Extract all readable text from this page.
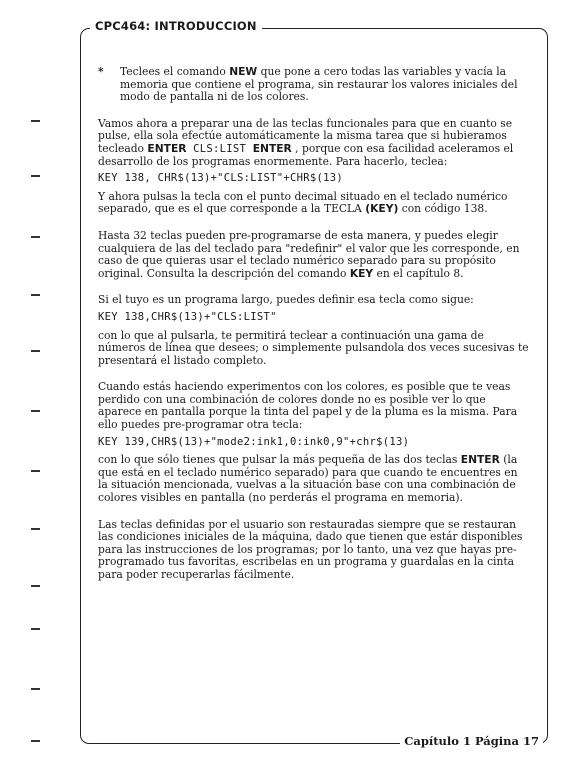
CPC464: INTRODUCCION
Capítulo 1 Página 17

* Teclees el comando NEW que pone a cero todas las variables y vacía la memoria que contiene el programa, sin restaurar los valores iniciales del modo de pantalla ni de los colores.

Vamos ahora a preparar una de las teclas funcionales para que en cuanto se pulse, ella sola efectúe automáticamente la misma tarea que si hubieramos tecleado ENTER CLS:LIST ENTER , porque con esa facilidad aceleramos el desarrollo de los programas enormemente. Para hacerlo, teclea:

KEY 138, CHR$(13)+"CLS:LIST"+CHR$(13)

Y ahora pulsas la tecla con el punto decimal situado en el teclado numérico separado, que es el que corresponde a la TECLA (KEY) con código 138.

Hasta 32 teclas pueden pre-programarse de esta manera, y puedes elegir cualquiera de las del teclado para "redefinir" el valor que les corresponde, en caso de que quieras usar el teclado numérico separado para su propósito original. Consulta la descripción del comando KEY en el capítulo 8.

Si el tuyo es un programa largo, puedes definir esa tecla como sigue:

KEY 138,CHR$(13)+"CLS:LIST"

con lo que al pulsarla, te permitirá teclear a continuación una gama de números de línea que desees; o simplemente pulsandola dos veces sucesivas te presentará el listado completo.

Cuando estás haciendo experimentos con los colores, es posible que te veas perdido con una combinación de colores donde no es posible ver lo que aparece en pantalla porque la tinta del papel y de la pluma es la misma. Para ello puedes pre-programar otra tecla:

KEY 139,CHR$(13)+"mode2:ink1,0:ink0,9"+chr$(13)

con lo que sólo tienes que pulsar la más pequeña de las dos teclas ENTER (la que está en el teclado numérico separado) para que cuando te encuentres en la situación mencionada, vuelvas a la situación base con una combinación de colores visibles en pantalla (no perderás el programa en memoria).

Las teclas definidas por el usuario son restauradas siempre que se restauran las condiciones iniciales de la máquina, dado que tienen que estár disponibles para las instrucciones de los programas; por lo tanto, una vez que hayas pre-programado tus favoritas, escribelas en un programa y guardalas en la cinta para poder recuperarlas fácilmente.
